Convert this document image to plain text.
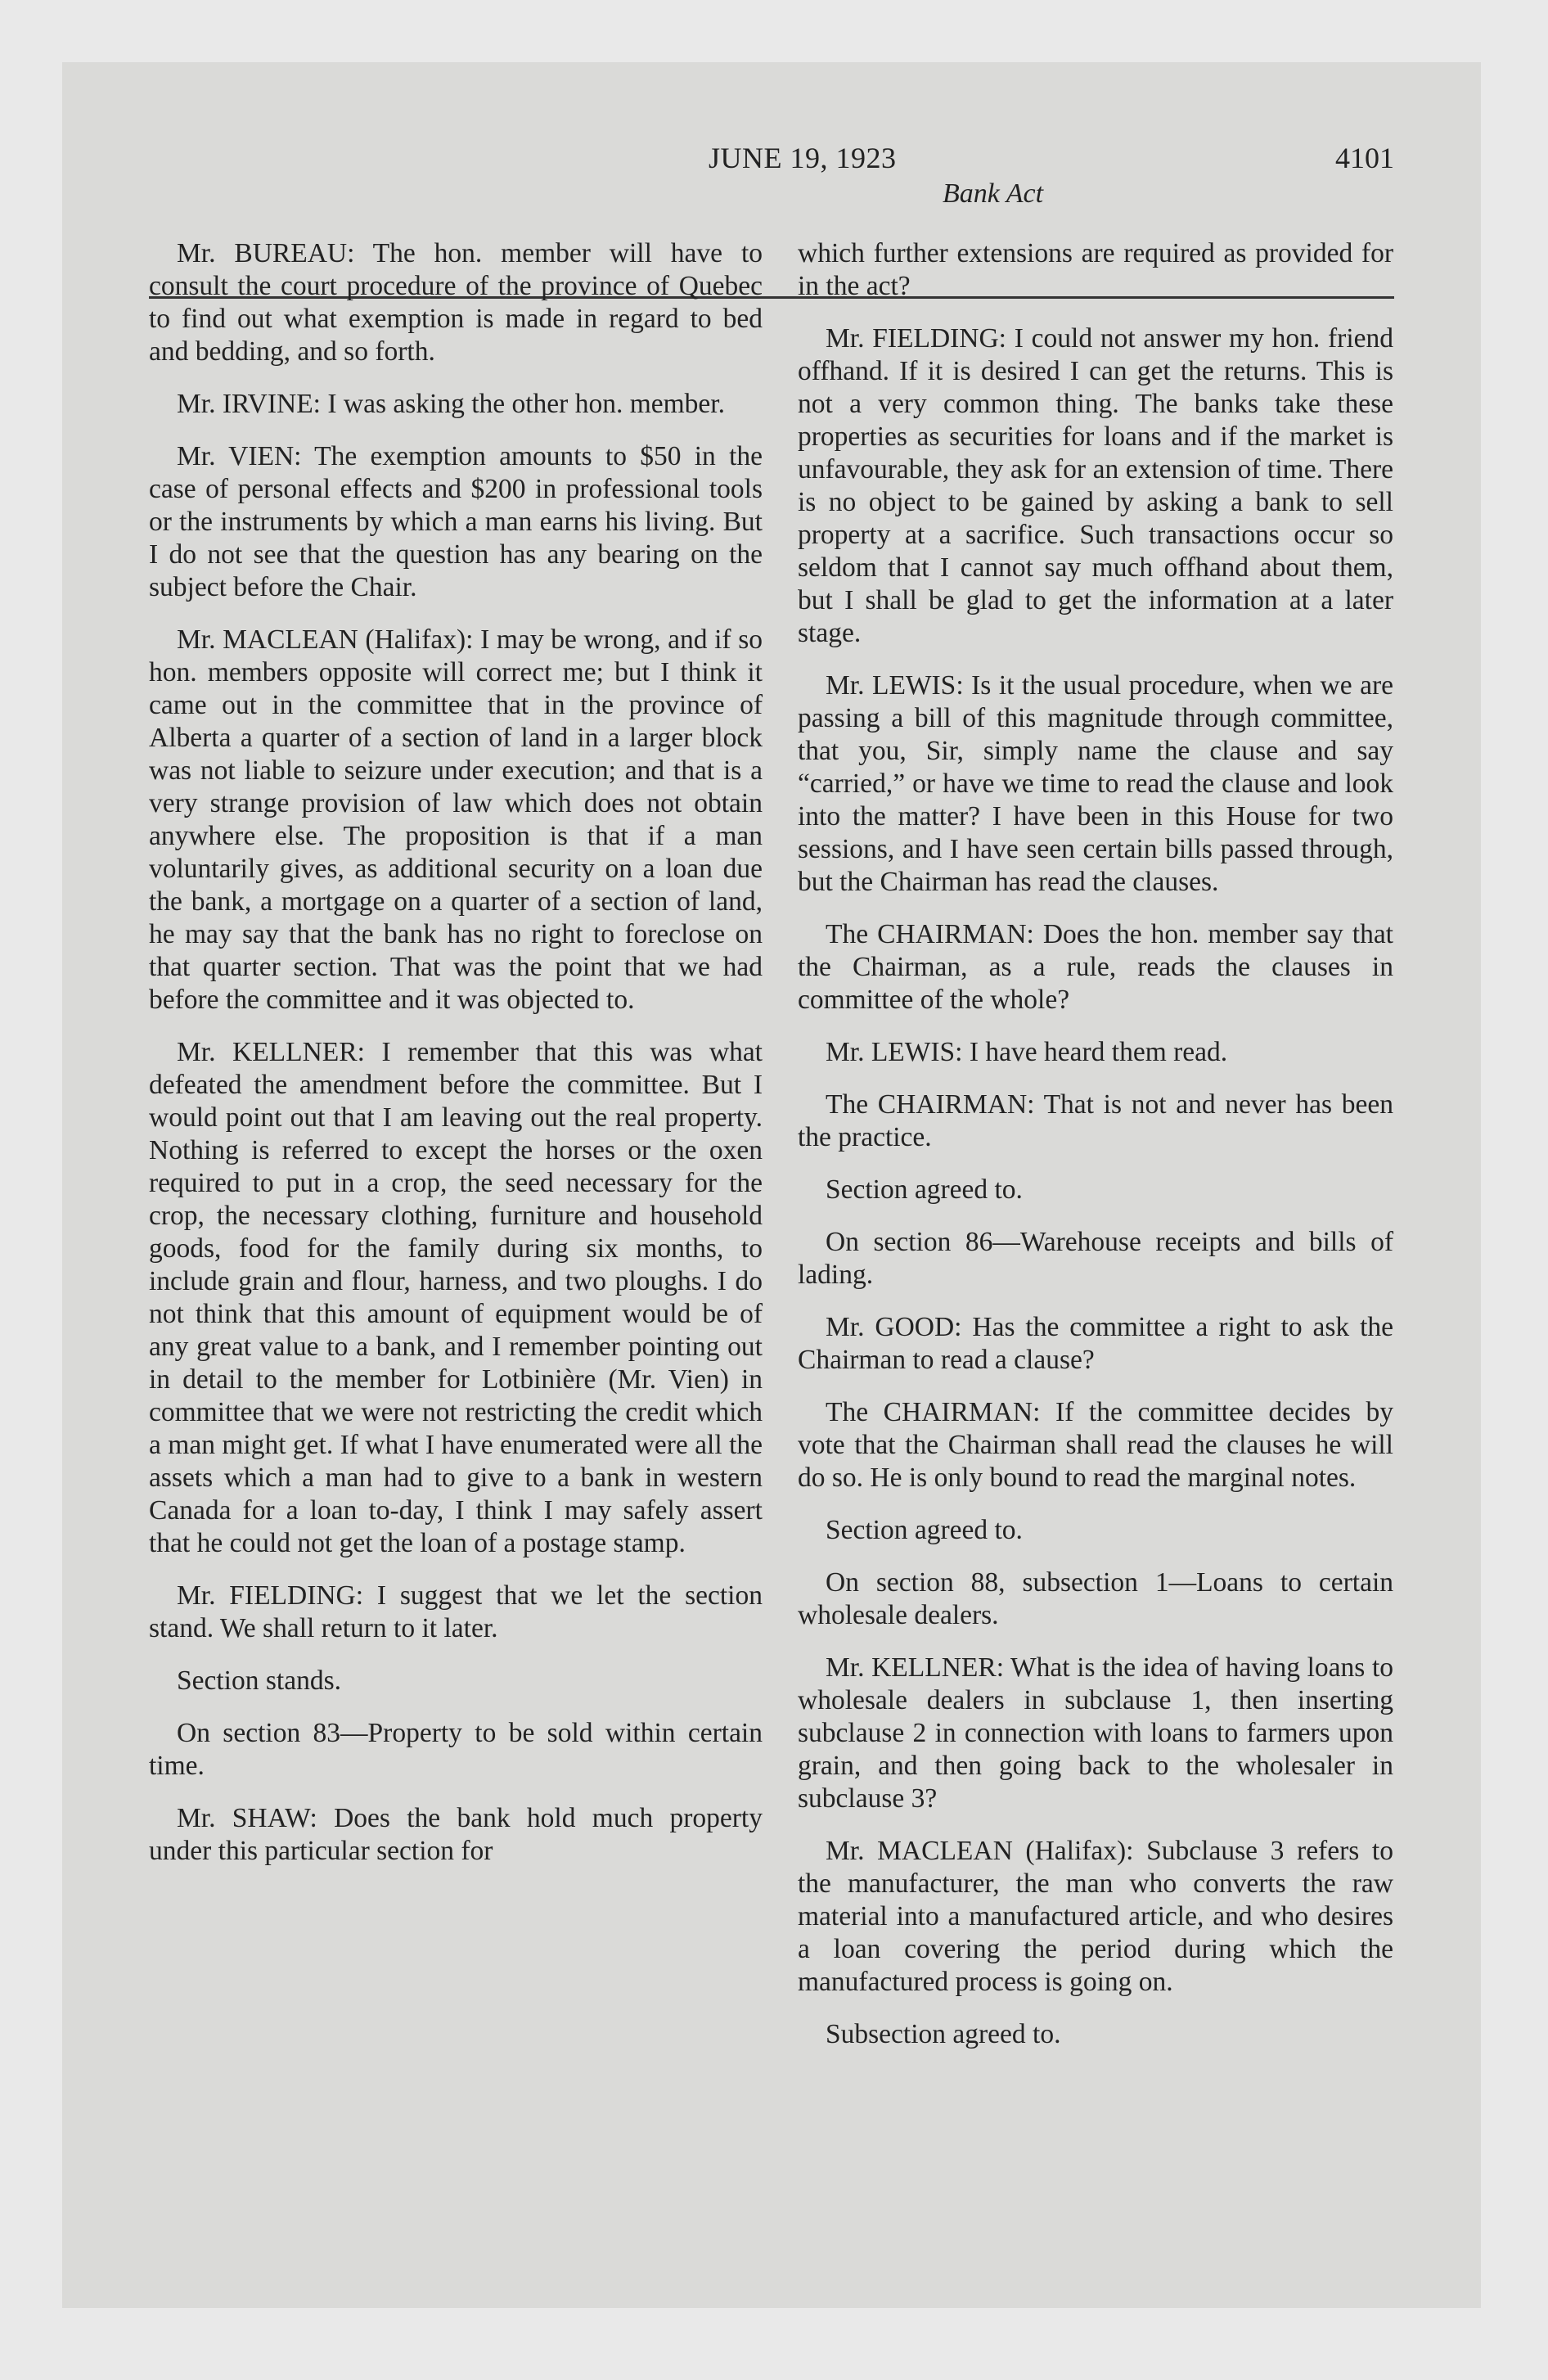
JUNE 19, 1923	4101
Bank Act

Mr. BUREAU: The hon. member will have to consult the court procedure of the province of Quebec to find out what exemption is made in regard to bed and bedding, and so forth.

Mr. IRVINE: I was asking the other hon. member.

Mr. VIEN: The exemption amounts to $50 in the case of personal effects and $200 in professional tools or the instruments by which a man earns his living. But I do not see that the question has any bearing on the subject before the Chair.

Mr. MACLEAN (Halifax): I may be wrong, and if so hon. members opposite will correct me; but I think it came out in the committee that in the province of Alberta a quarter of a section of land in a larger block was not liable to seizure under execution; and that is a very strange provision of law which does not obtain anywhere else. The proposition is that if a man voluntarily gives, as additional security on a loan due the bank, a mortgage on a quarter of a section of land, he may say that the bank has no right to foreclose on that quarter section. That was the point that we had before the committee and it was objected to.

Mr. KELLNER: I remember that this was what defeated the amendment before the committee. But I would point out that I am leaving out the real property. Nothing is referred to except the horses or the oxen required to put in a crop, the seed necessary for the crop, the necessary clothing, furniture and household goods, food for the family during six months, to include grain and flour, harness, and two ploughs. I do not think that this amount of equipment would be of any great value to a bank, and I remember pointing out in detail to the member for Lotbinière (Mr. Vien) in committee that we were not restricting the credit which a man might get. If what I have enumerated were all the assets which a man had to give to a bank in western Canada for a loan to-day, I think I may safely assert that he could not get the loan of a postage stamp.

Mr. FIELDING: I suggest that we let the section stand. We shall return to it later.

Section stands.

On section 83—Property to be sold within certain time.

Mr. SHAW: Does the bank hold much property under this particular section for

which further extensions are required as provided for in the act?

Mr. FIELDING: I could not answer my hon. friend offhand. If it is desired I can get the returns. This is not a very common thing. The banks take these properties as securities for loans and if the market is unfavourable, they ask for an extension of time. There is no object to be gained by asking a bank to sell property at a sacrifice. Such transactions occur so seldom that I cannot say much offhand about them, but I shall be glad to get the information at a later stage.

Mr. LEWIS: Is it the usual procedure, when we are passing a bill of this magnitude through committee, that you, Sir, simply name the clause and say “carried,” or have we time to read the clause and look into the matter? I have been in this House for two sessions, and I have seen certain bills passed through, but the Chairman has read the clauses.

The CHAIRMAN: Does the hon. member say that the Chairman, as a rule, reads the clauses in committee of the whole?

Mr. LEWIS: I have heard them read.

The CHAIRMAN: That is not and never has been the practice.

Section agreed to.

On section 86—Warehouse receipts and bills of lading.

Mr. GOOD: Has the committee a right to ask the Chairman to read a clause?

The CHAIRMAN: If the committee decides by vote that the Chairman shall read the clauses he will do so. He is only bound to read the marginal notes.

Section agreed to.

On section 88, subsection 1—Loans to certain wholesale dealers.

Mr. KELLNER: What is the idea of having loans to wholesale dealers in subclause 1, then inserting subclause 2 in connection with loans to farmers upon grain, and then going back to the wholesaler in subclause 3?

Mr. MACLEAN (Halifax): Subclause 3 refers to the manufacturer, the man who converts the raw material into a manufactured article, and who desires a loan covering the period during which the manufactured process is going on.

Subsection agreed to.
